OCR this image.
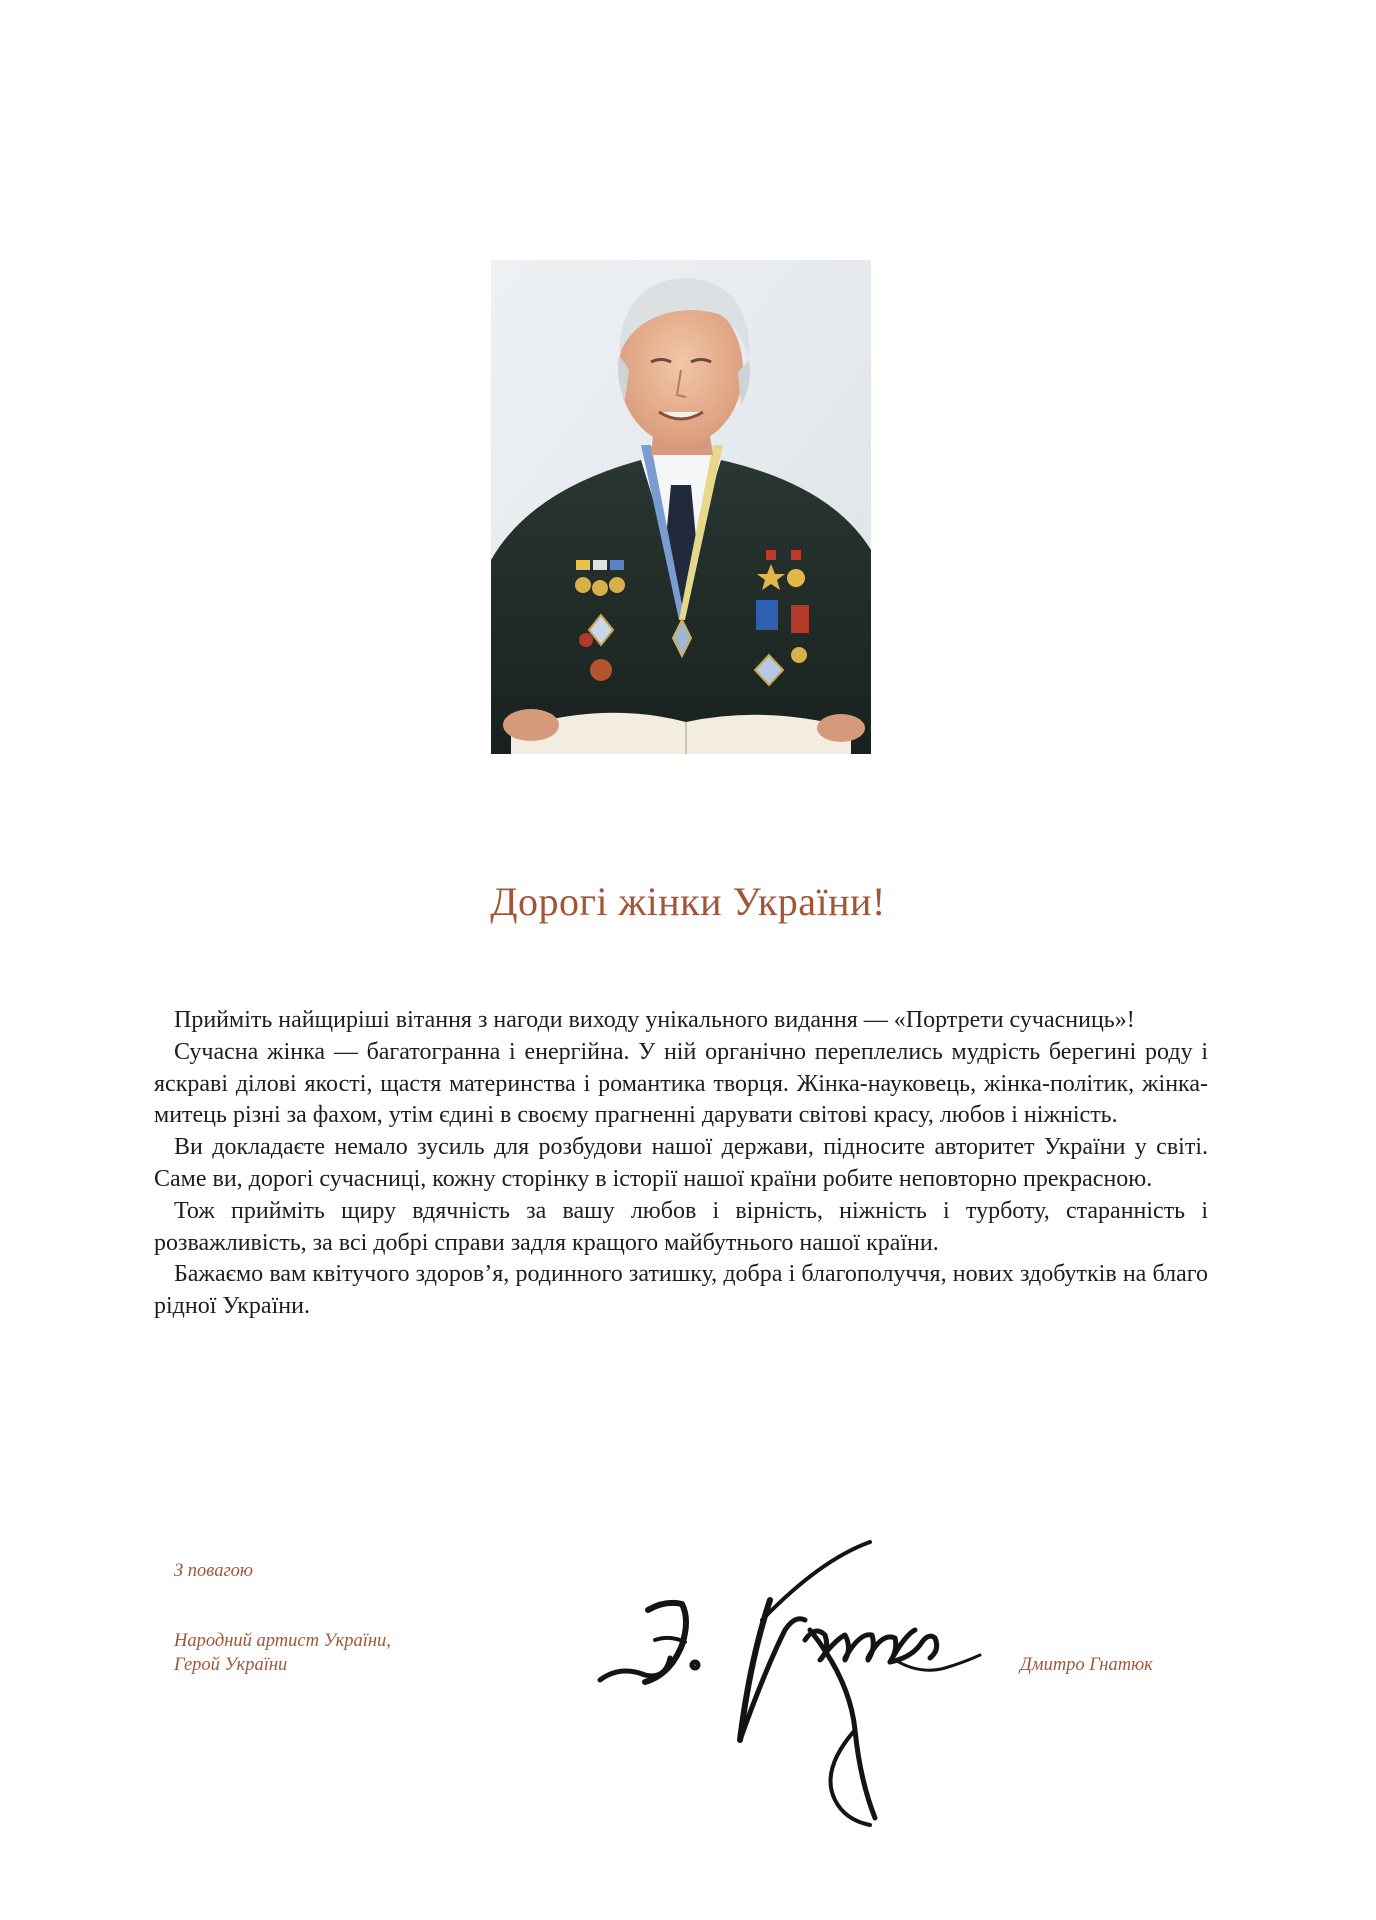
Дорогі жінки України!

Прийміть найщиріші вітання з нагоди виходу унікального видання — «Портрети сучасниць»!

Сучасна жінка — багатогранна і енергійна. У ній органічно переплелись мудрість берегині роду і яскраві ділові якості, щастя материнства і романтика творця. Жінка-науковець, жінка-політик, жінка-митець різні за фахом, утім єдині в своєму прагненні дарувати світові красу, любов і ніжність.

Ви докладаєте немало зусиль для розбудови нашої держави, підносите авторитет України у світі. Саме ви, дорогі сучасниці, кожну сторінку в історії нашої країни робите неповторно прекрасною.

Тож прийміть щиру вдячність за вашу любов і вірність, ніжність і турботу, старанність і розважливість, за всі добрі справи задля кращого майбутнього нашої країни.

Бажаємо вам квітучого здоров’я, родинного затишку, добра і благополуччя, нових здобутків на благо рідної України.

З повагою
Народний артист України,
Герой України	Дмитро Гнатюк
